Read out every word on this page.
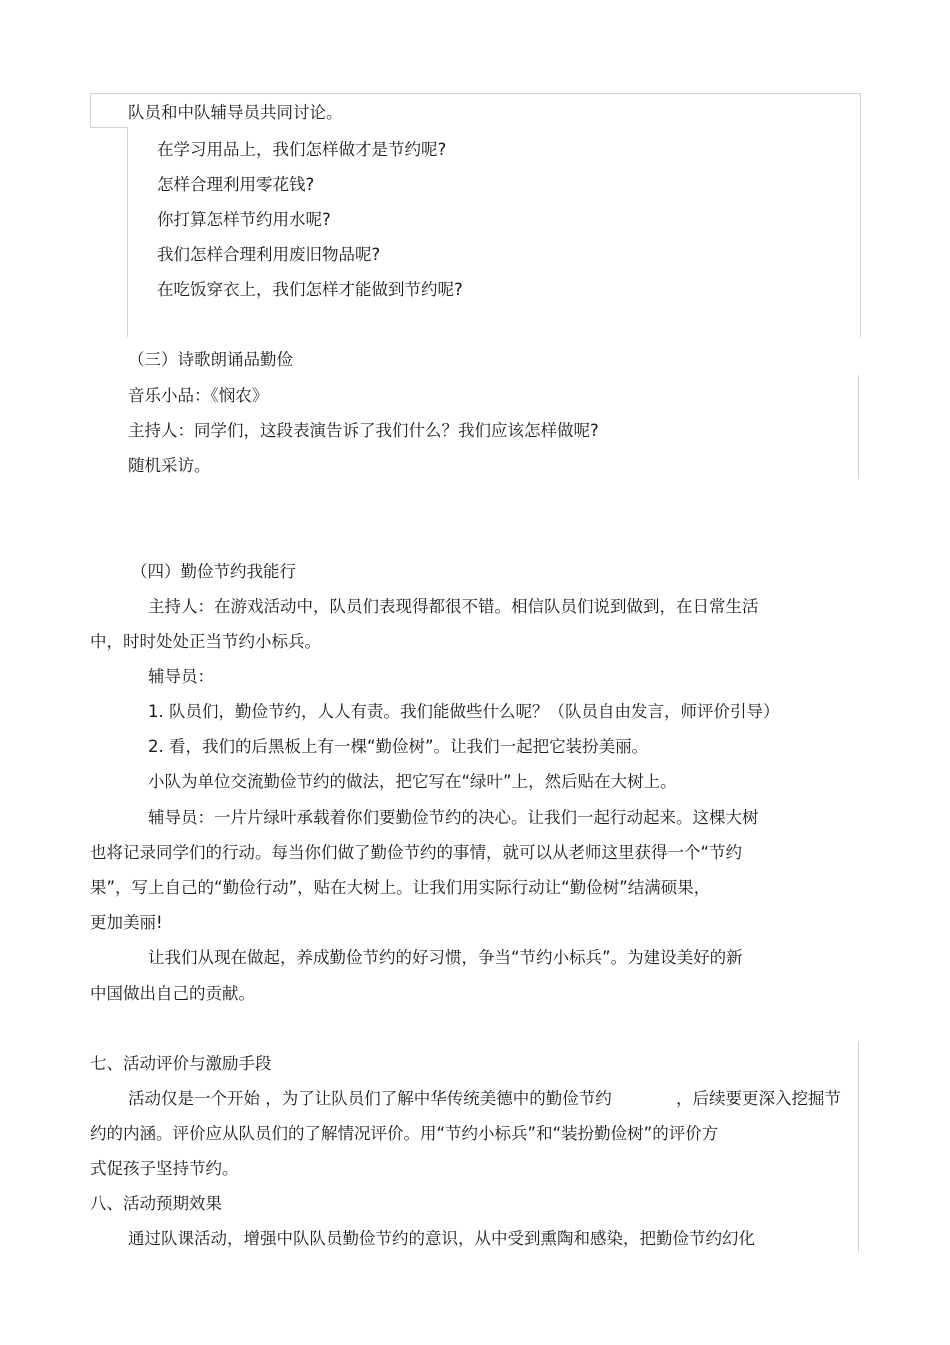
队员和中队辅导员共同讨论。
在学习用品上，我们怎样做才是节约呢?
怎样合理利用零花钱?
你打算怎样节约用水呢?
我们怎样合理利用废旧物品呢?
在吃饭穿衣上，我们怎样才能做到节约呢?
（三）诗歌朗诵品勤俭
音乐小品：《悯农》
主持人：同学们，这段表演告诉了我们什么？我们应该怎样做呢?
随机采访。
（四）勤俭节约我能行
主持人：在游戏活动中，队员们表现得都很不错。相信队员们说到做到，在日常生活
中，时时处处正当节约小标兵。
辅导员：
1. 队员们，勤俭节约，人人有责。我们能做些什么呢？（队员自由发言，师评价引导）
2. 看，我们的后黑板上有一棵“勤俭树”。让我们一起把它装扮美丽。
小队为单位交流勤俭节约的做法，把它写在“绿叶”上，然后贴在大树上。
辅导员：一片片绿叶承载着你们要勤俭节约的决心。让我们一起行动起来。这棵大树
也将记录同学们的行动。每当你们做了勤俭节约的事情，就可以从老师这里获得一个“节约
果”，写上自己的“勤俭行动”，贴在大树上。让我们用实际行动让“勤俭树”结满硕果，
更加美丽!
让我们从现在做起，养成勤俭节约的好习惯，争当“节约小标兵”。为建设美好的新
中国做出自己的贡献。
七、活动评价与激励手段
活动仅是一个开始 ，为了让队员们了解中华传统美德中的勤俭节约	，后续要更深入挖掘节
约的内涵。评价应从队员们的了解情况评价。用“节约小标兵”和“装扮勤俭树”的评价方
式促孩子坚持节约。
八、活动预期效果
通过队课活动，增强中队队员勤俭节约的意识，从中受到熏陶和感染，把勤俭节约幻化
